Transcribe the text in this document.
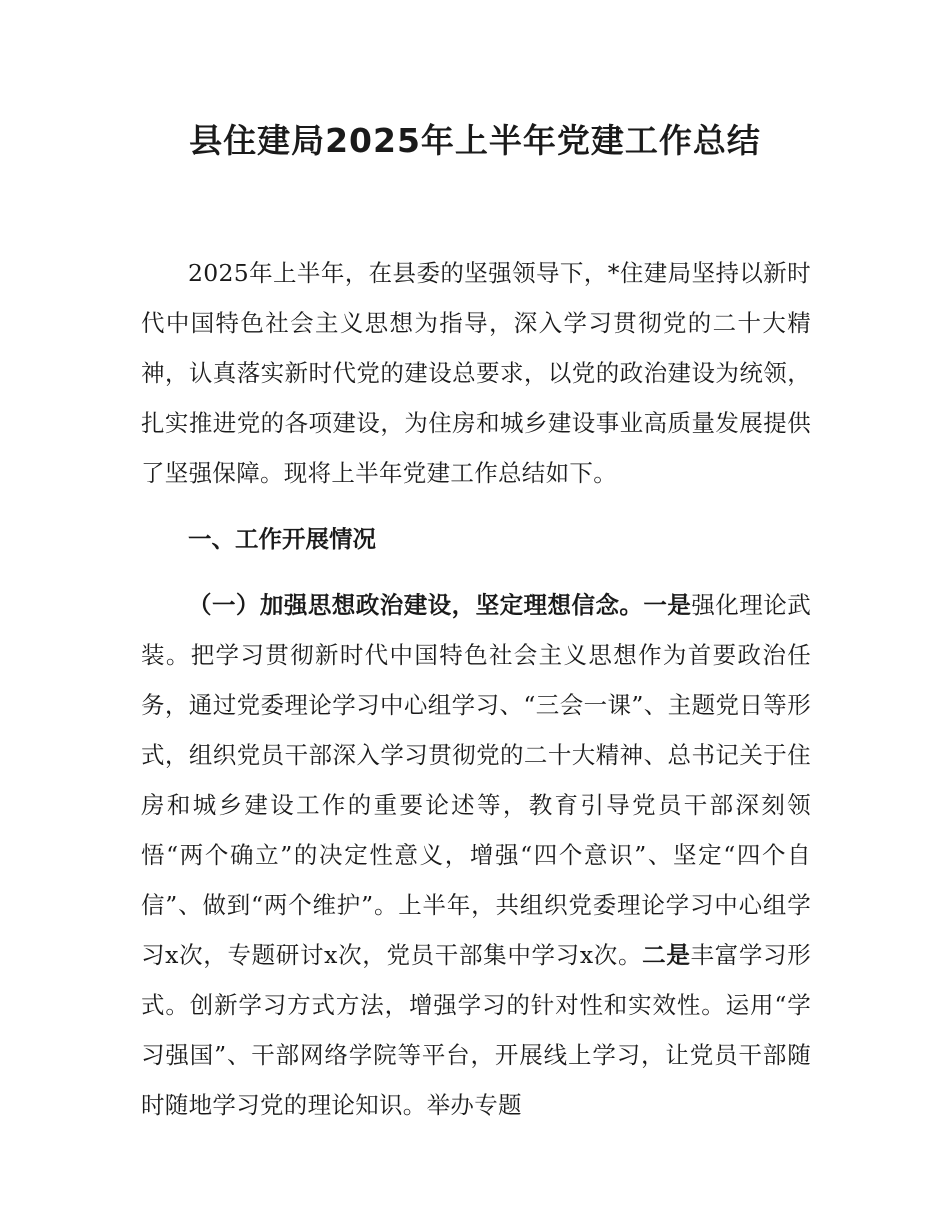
县住建局2025年上半年党建工作总结

2025年上半年，在县委的坚强领导下，*住建局坚持以新时代中国特色社会主义思想为指导，深入学习贯彻党的二十大精神，认真落实新时代党的建设总要求，以党的政治建设为统领，扎实推进党的各项建设，为住房和城乡建设事业高质量发展提供了坚强保障。现将上半年党建工作总结如下。

一、工作开展情况

（一）加强思想政治建设，坚定理想信念。一是强化理论武装。把学习贯彻新时代中国特色社会主义思想作为首要政治任务，通过党委理论学习中心组学习、“三会一课”、主题党日等形式，组织党员干部深入学习贯彻党的二十大精神、总书记关于住房和城乡建设工作的重要论述等，教育引导党员干部深刻领悟“两个确立”的决定性意义，增强“四个意识”、坚定“四个自信”、做到“两个维护”。上半年，共组织党委理论学习中心组学习x次，专题研讨x次，党员干部集中学习x次。二是丰富学习形式。创新学习方式方法，增强学习的针对性和实效性。运用“学习强国”、干部网络学院等平台，开展线上学习，让党员干部随时随地学习党的理论知识。举办专题
